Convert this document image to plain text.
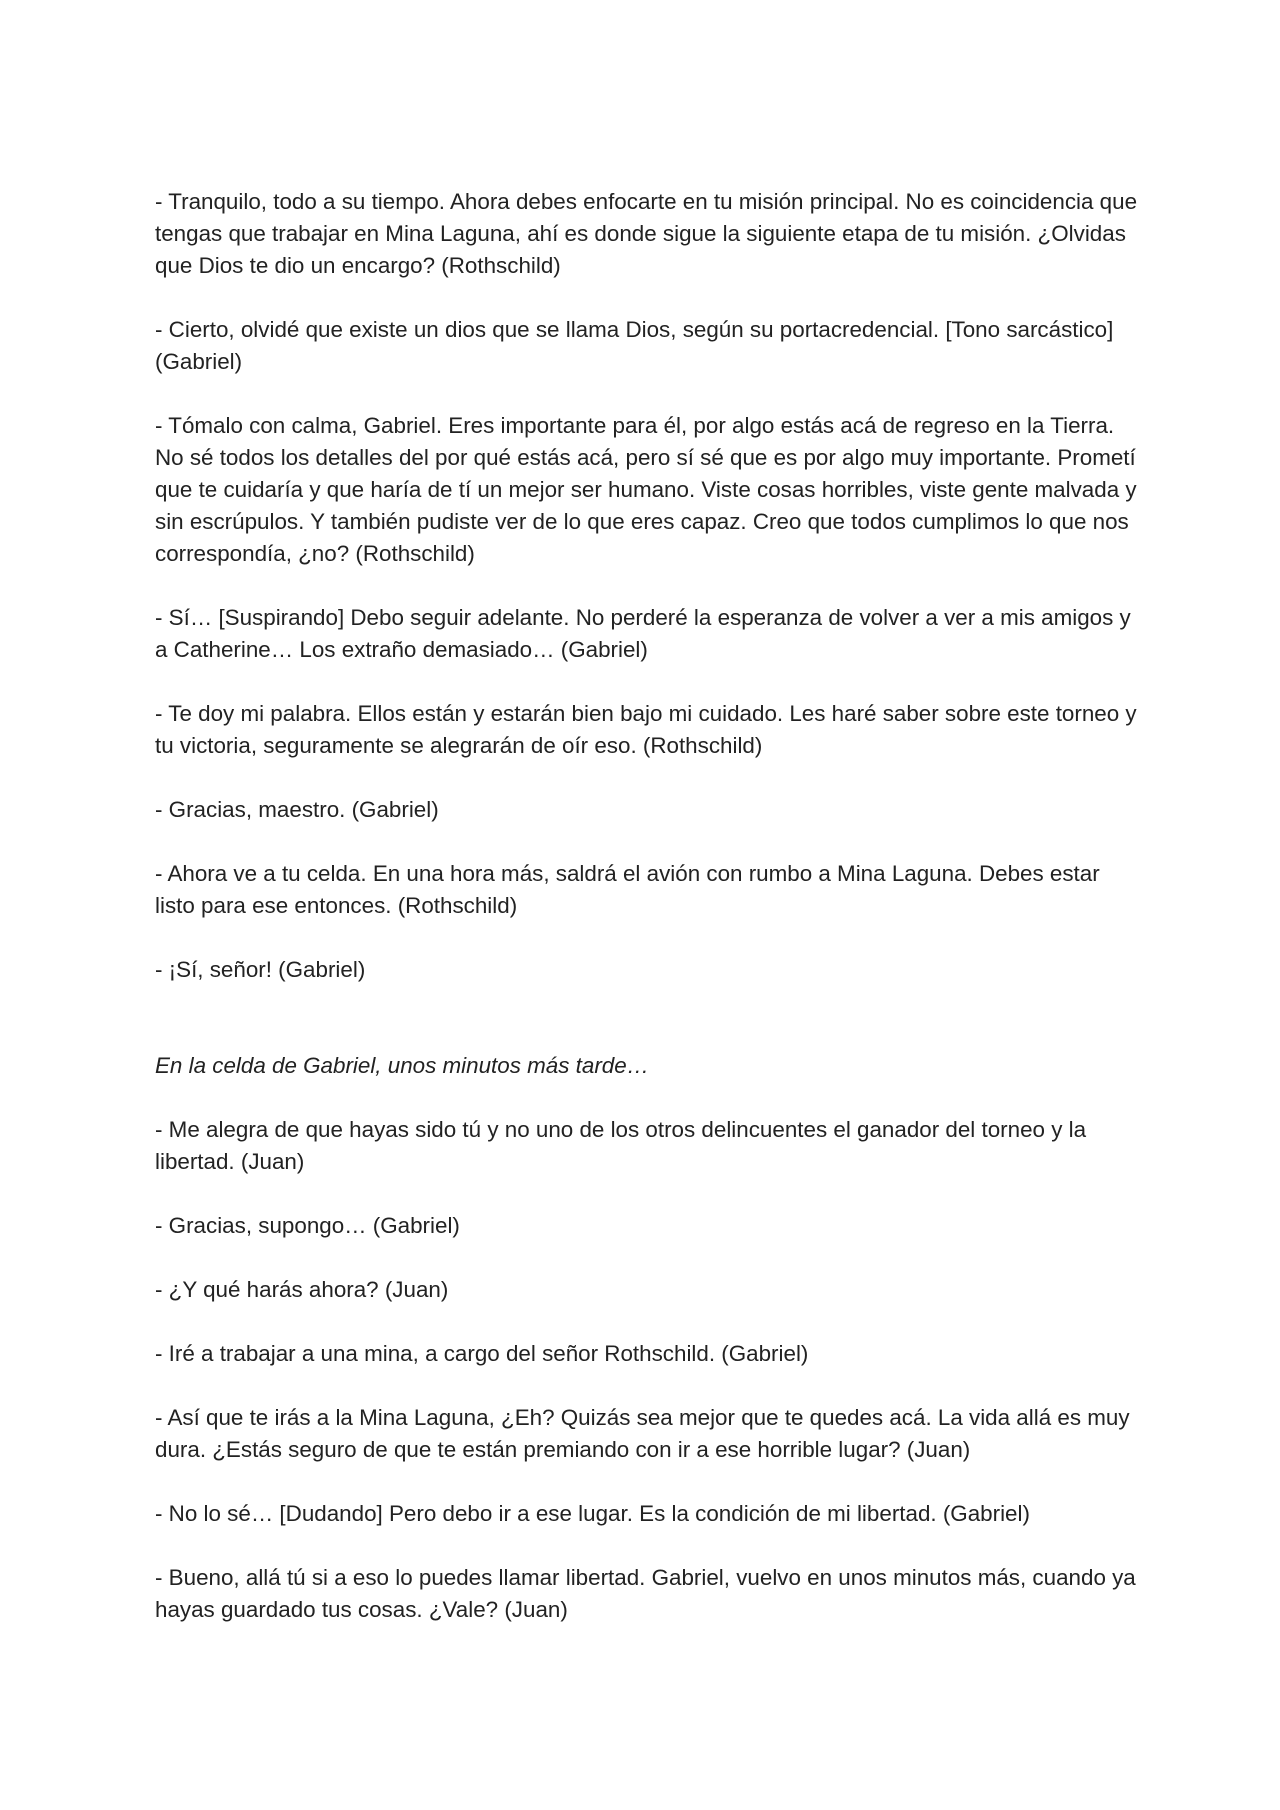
- Tranquilo, todo a su tiempo. Ahora debes enfocarte en tu misión principal. No es coincidencia que tengas que trabajar en Mina Laguna, ahí es donde sigue la siguiente etapa de tu misión. ¿Olvidas que Dios te dio un encargo? (Rothschild)

- Cierto, olvidé que existe un dios que se llama Dios, según su portacredencial. [Tono sarcástico] (Gabriel)

- Tómalo con calma, Gabriel. Eres importante para él, por algo estás acá de regreso en la Tierra. No sé todos los detalles del por qué estás acá, pero sí sé que es por algo muy importante. Prometí que te cuidaría y que haría de tí un mejor ser humano. Viste cosas horribles, viste gente malvada y sin escrúpulos. Y también pudiste ver de lo que eres capaz. Creo que todos cumplimos lo que nos correspondía, ¿no? (Rothschild)

- Sí… [Suspirando] Debo seguir adelante. No perderé la esperanza de volver a ver a mis amigos y a Catherine… Los extraño demasiado… (Gabriel)

- Te doy mi palabra. Ellos están y estarán bien bajo mi cuidado. Les haré saber sobre este torneo y tu victoria, seguramente se alegrarán de oír eso. (Rothschild)

- Gracias, maestro. (Gabriel)

- Ahora ve a tu celda. En una hora más, saldrá el avión con rumbo a Mina Laguna. Debes estar listo para ese entonces. (Rothschild)

- ¡Sí, señor! (Gabriel)

En la celda de Gabriel, unos minutos más tarde…

- Me alegra de que hayas sido tú y no uno de los otros delincuentes el ganador del torneo y la libertad. (Juan)

- Gracias, supongo… (Gabriel)

- ¿Y qué harás ahora? (Juan)

- Iré a trabajar a una mina, a cargo del señor Rothschild. (Gabriel)

- Así que te irás a la Mina Laguna, ¿Eh? Quizás sea mejor que te quedes acá. La vida allá es muy dura. ¿Estás seguro de que te están premiando con ir a ese horrible lugar? (Juan)

- No lo sé… [Dudando] Pero debo ir a ese lugar. Es la condición de mi libertad. (Gabriel)

- Bueno, allá tú si a eso lo puedes llamar libertad. Gabriel, vuelvo en unos minutos más, cuando ya hayas guardado tus cosas. ¿Vale? (Juan)
